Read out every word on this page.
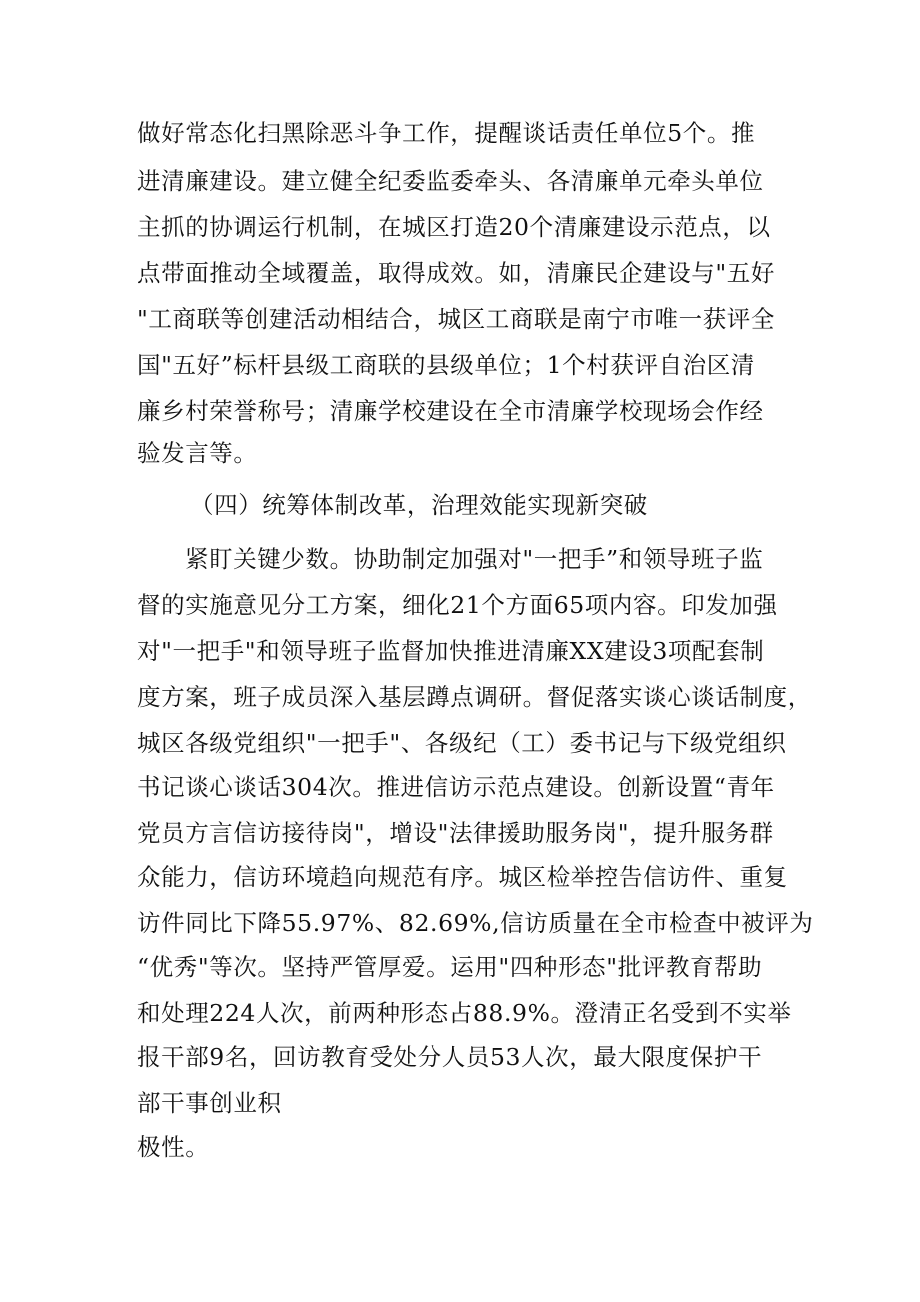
做好常态化扫黑除恶斗争工作，提醒谈话责任单位5个。推
进清廉建设。建立健全纪委监委牵头、各清廉单元牵头单位
主抓的协调运行机制，在城区打造20个清廉建设示范点，以
点带面推动全域覆盖，取得成效。如，清廉民企建设与"五好
"工商联等创建活动相结合，城区工商联是南宁市唯一获评全
国"五好”标杆县级工商联的县级单位；1个村获评自治区清
廉乡村荣誉称号；清廉学校建设在全市清廉学校现场会作经
验发言等。
（四）统筹体制改革，治理效能实现新突破
紧盯关键少数。协助制定加强对"一把手”和领导班子监
督的实施意见分工方案，细化21个方面65项内容。印发加强
对"一把手"和领导班子监督加快推进清廉XX建设3项配套制
度方案，班子成员深入基层蹲点调研。督促落实谈心谈话制度，
城区各级党组织"一把手"、各级纪（工）委书记与下级党组织
书记谈心谈话304次。推进信访示范点建设。创新设置“青年
党员方言信访接待岗"，增设"法律援助服务岗"，提升服务群
众能力，信访环境趋向规范有序。城区检举控告信访件、重复
访件同比下降55.97%、82.69%,信访质量在全市检查中被评为
“优秀"等次。坚持严管厚爱。运用"四种形态"批评教育帮助
和处理224人次，前两种形态占88.9%。澄清正名受到不实举
报干部9名，回访教育受处分人员53人次，最大限度保护干
部干事创业积
极性。
